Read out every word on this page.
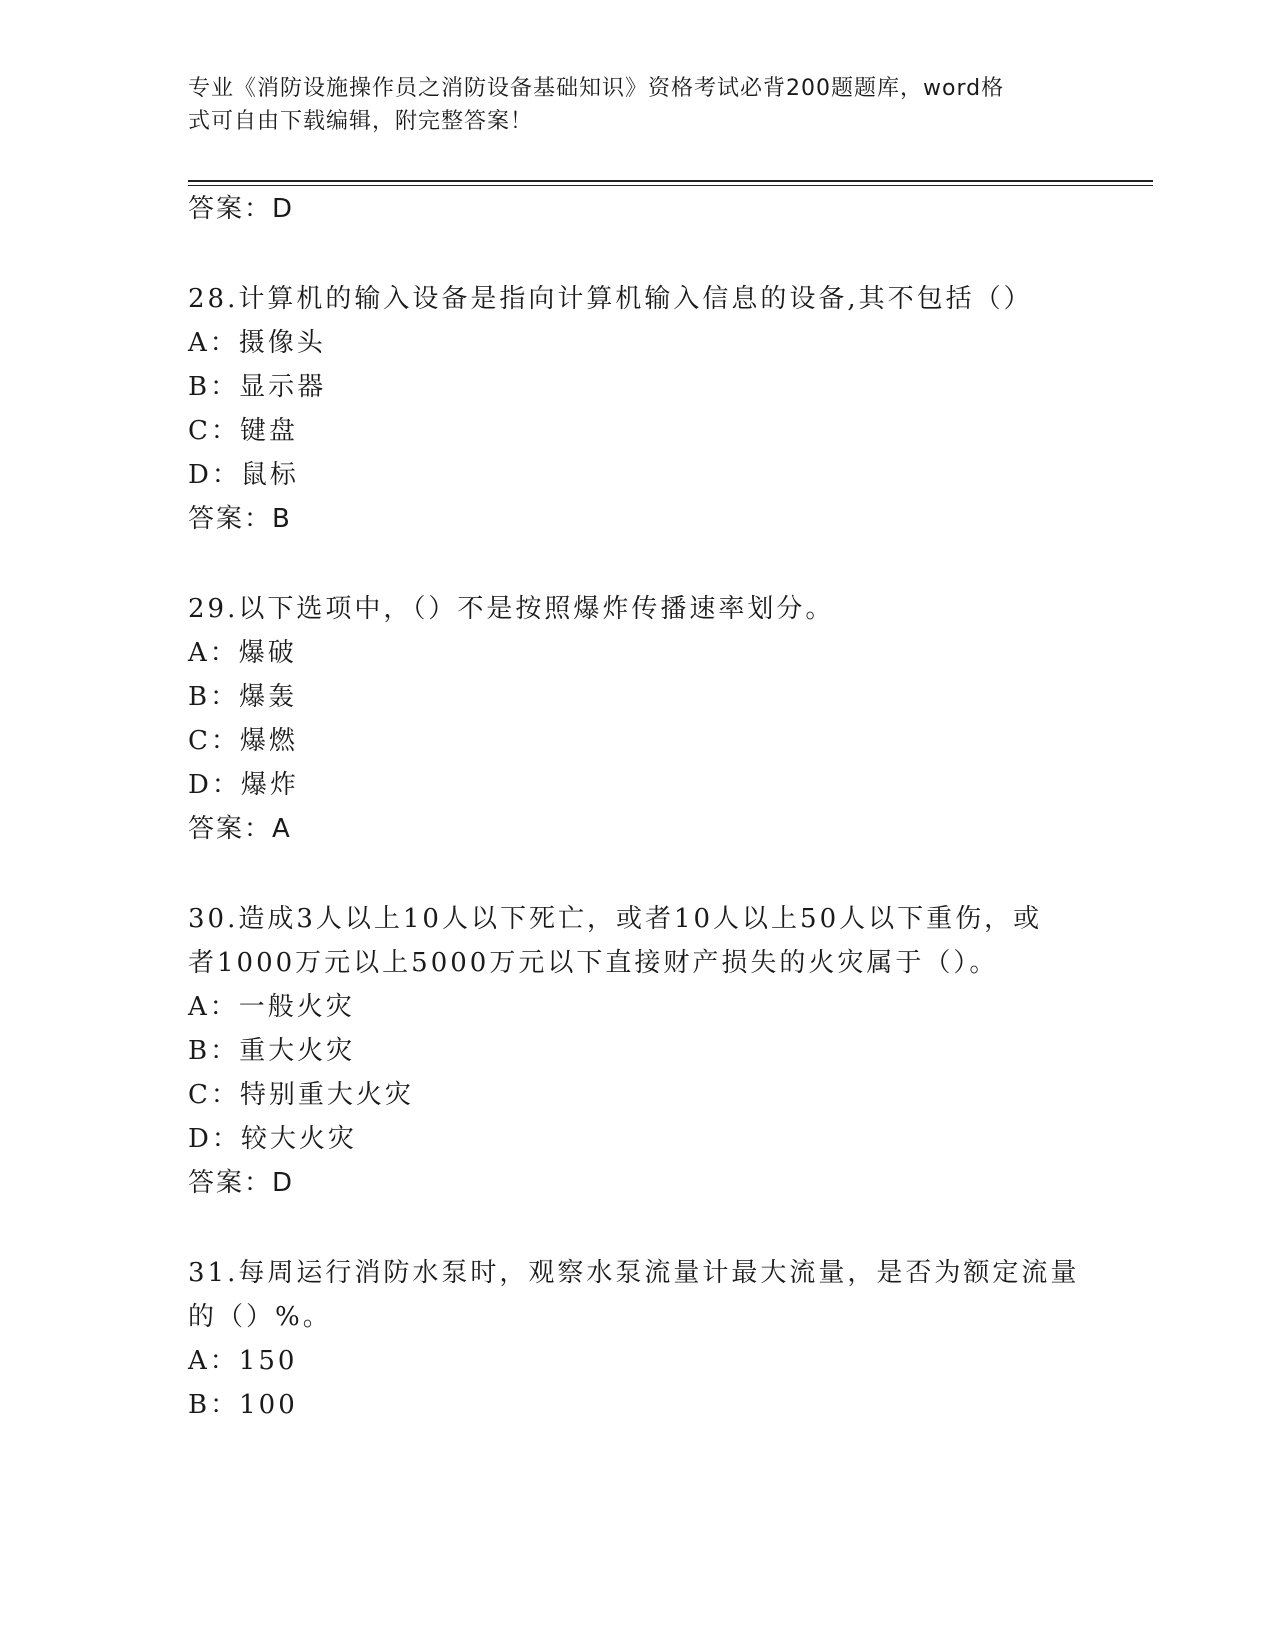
专业《消防设施操作员之消防设备基础知识》资格考试必背200题题库，word格
式可自由下载编辑，附完整答案！
答案：D
28.计算机的输入设备是指向计算机输入信息的设备,其不包括（）
A：摄像头
B：显示器
C：键盘
D：鼠标
答案：B
29.以下选项中，（）不是按照爆炸传播速率划分。
A：爆破
B：爆轰
C：爆燃
D：爆炸
答案：A
30.造成3人以上10人以下死亡，或者10人以上50人以下重伤，或
者1000万元以上5000万元以下直接财产损失的火灾属于（）。
A：一般火灾
B：重大火灾
C：特别重大火灾
D：较大火灾
答案：D
31.每周运行消防水泵时，观察水泵流量计最大流量，是否为额定流量
的（）%。
A：150
B：100
